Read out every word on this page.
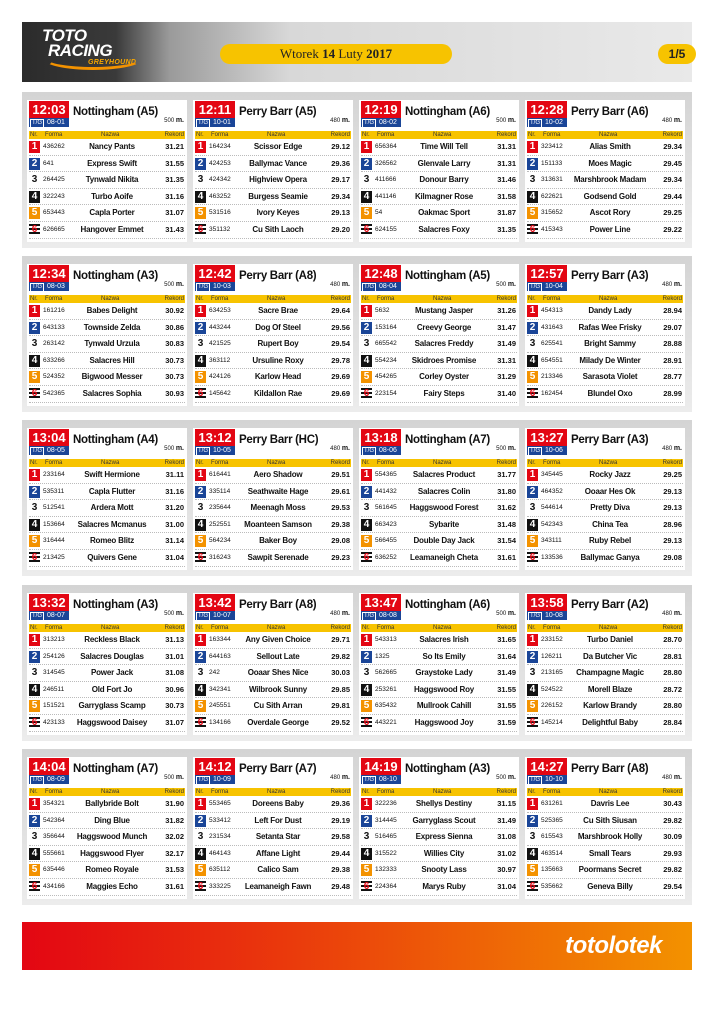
TOTO
RACING
GREYHOUND
Wtorek 14 Luty 2017	1/5
12:03
T/G 08-01
Nottingham (A5)
500 m.
Nr. Forma	Nazwa	Rekord
1 436262	Nancy Pants	31.21
2 641	Express Swift	31.55
3 264425	Tynwald Nikita	31.35
4 322243	Turbo Aoife	31.16
5 653443	Capla Porter	31.07
6 626665	Hangover Emmet	31.43
12:11
T/G 10-01
Perry Barr (A5)
480 m.
Nr. Forma	Nazwa	Rekord
1 164234	Scissor Edge	29.12
2 424253	Ballymac Vance	29.36
3 424342	Highview Opera	29.17
4 463252	Burgess Seamie	29.34
5 531516	Ivory Keyes	29.13
6 351132	Cu Sith Laoch	29.20
12:19
T/G 08-02
Nottingham (A6)
500 m.
Nr. Forma	Nazwa	Rekord
1 656364	Time Will Tell	31.31
2 326562	Glenvale Larry	31.31
3 411666	Donour Barry	31.46
4 441146	Kilmagner Rose	31.58
5 54	Oakmac Sport	31.87
6 624155	Salacres Foxy	31.35
12:28
T/G 10-02
Perry Barr (A6)
480 m.
Nr. Forma	Nazwa	Rekord
1 323412	Alias Smith	29.34
2 151133	Moes Magic	29.45
3 313631	Marshbrook Madam	29.34
4 622621	Godsend Gold	29.44
5 315652	Ascot Rory	29.25
6 415343	Power Line	29.22
12:34
T/G 08-03
Nottingham (A3)
500 m.
Nr. Forma	Nazwa	Rekord
1 161216	Babes Delight	30.92
2 643133	Townside Zelda	30.86
3 263142	Tynwald Urzula	30.83
4 633266	Salacres Hill	30.73
5 524352	Bigwood Messer	30.73
6 542365	Salacres Sophia	30.93
12:42
T/G 10-03
Perry Barr (A8)
480 m.
Nr. Forma	Nazwa	Rekord
1 634253	Sacre Brae	29.64
2 443244	Dog Of Steel	29.56
3 421525	Rupert Boy	29.54
4 363112	Ursuline Roxy	29.78
5 424126	Karlow Head	29.69
6 145642	Kildallon Rae	29.69
12:48
T/G 08-04
Nottingham (A5)
500 m.
Nr. Forma	Nazwa	Rekord
1 5632	Mustang Jasper	31.26
2 153164	Creevy George	31.47
3 665542	Salacres Freddy	31.49
4 554234	Skidroes Promise	31.31
5 454265	Corley Oyster	31.29
6 223154	Fairy Steps	31.40
12:57
T/G 10-04
Perry Barr (A3)
480 m.
Nr. Forma	Nazwa	Rekord
1 454313	Dandy Lady	28.94
2 431643	Rafas Wee Frisky	29.07
3 625541	Bright Sammy	28.88
4 654551	Milady De Winter	28.91
5 213346	Sarasota Violet	28.77
6 162454	Blundel Oxo	28.99
13:04
T/G 08-05
Nottingham (A4)
500 m.
Nr. Forma	Nazwa	Rekord
1 233164	Swift Hermione	31.11
2 535311	Capla Flutter	31.16
3 512541	Ardera Mott	31.20
4 153664	Salacres Mcmanus	31.00
5 316444	Romeo Blitz	31.14
6 213425	Quivers Gene	31.04
13:12
T/G 10-05
Perry Barr (HC)
480 m.
Nr. Forma	Nazwa	Rekord
1 616441	Aero Shadow	29.51
2 335114	Seathwaite Hage	29.61
3 235644	Meenagh Moss	29.53
4 252551	Moanteen Samson	29.38
5 564234	Baker Boy	29.08
6 316243	Sawpit Serenade	29.23
13:18
T/G 08-06
Nottingham (A7)
500 m.
Nr. Forma	Nazwa	Rekord
1 554365	Salacres Product	31.77
2 441432	Salacres Colin	31.80
3 561645	Haggswood Forest	31.62
4 663423	Sybarite	31.48
5 566455	Double Day Jack	31.54
6 636252	Leamaneigh Cheta	31.61
13:27
T/G 10-06
Perry Barr (A3)
480 m.
Nr. Forma	Nazwa	Rekord
1 345445	Rocky Jazz	29.25
2 464352	Ooaar Hes Ok	29.13
3 544614	Pretty Diva	29.13
4 542343	China Tea	28.96
5 343111	Ruby Rebel	29.13
6 133536	Ballymac Ganya	29.08
13:32
T/G 08-07
Nottingham (A3)
500 m.
Nr. Forma	Nazwa	Rekord
1 313213	Reckless Black	31.13
2 254126	Salacres Douglas	31.01
3 314545	Power Jack	31.08
4 246511	Old Fort Jo	30.96
5 151521	Garryglass Scamp	30.73
6 423133	Haggswood Daisey	31.07
13:42
T/G 10-07
Perry Barr (A8)
480 m.
Nr. Forma	Nazwa	Rekord
1 163344	Any Given Choice	29.71
2 644163	Sellout Late	29.82
3 242	Ooaar Shes Nice	30.03
4 342341	Wilbrook Sunny	29.85
5 245551	Cu Sith Arran	29.81
6 134166	Overdale George	29.52
13:47
T/G 08-08
Nottingham (A6)
500 m.
Nr. Forma	Nazwa	Rekord
1 543313	Salacres Irish	31.65
2 1325	So Its Emily	31.64
3 562665	Graystoke Lady	31.49
4 253261	Haggswood Roy	31.55
5 635432	Mullrook Cahill	31.55
6 443221	Haggswood Joy	31.59
13:58
T/G 10-08
Perry Barr (A2)
480 m.
Nr. Forma	Nazwa	Rekord
1 233152	Turbo Daniel	28.70
2 126211	Da Butcher Vic	28.81
3 213165	Champagne Magic	28.80
4 524522	Morell Blaze	28.72
5 226152	Karlow Brandy	28.80
6 145214	Delightful Baby	28.84
14:04
T/G 08-09
Nottingham (A7)
500 m.
Nr. Forma	Nazwa	Rekord
1 354321	Ballybride Bolt	31.90
2 542364	Ding Blue	31.82
3 356644	Haggswood Munch	32.02
4 555661	Haggswood Flyer	32.17
5 635446	Romeo Royale	31.53
6 434166	Maggies Echo	31.61
14:12
T/G 10-09
Perry Barr (A7)
480 m.
Nr. Forma	Nazwa	Rekord
1 553465	Doreens Baby	29.36
2 533412	Left For Dust	29.19
3 231534	Setanta Star	29.58
4 464143	Affane Light	29.44
5 635112	Calico Sam	29.38
6 333225	Leamaneigh Fawn	29.48
14:19
T/G 08-10
Nottingham (A3)
500 m.
Nr. Forma	Nazwa	Rekord
1 322236	Shellys Destiny	31.15
2 314445	Garryglass Scout	31.49
3 516465	Express Sienna	31.08
4 315522	Willies City	31.02
5 132333	Snooty Lass	30.97
6 224364	Marys Ruby	31.04
14:27
T/G 10-10
Perry Barr (A8)
480 m.
Nr. Forma	Nazwa	Rekord
1 631261	Davris Lee	30.43
2 525365	Cu Sith Siusan	29.82
3 615543	Marshbrook Holly	30.09
4 463514	Small Tears	29.93
5 135663	Poormans Secret	29.82
6 535662	Geneva Billy	29.54
totolotek
